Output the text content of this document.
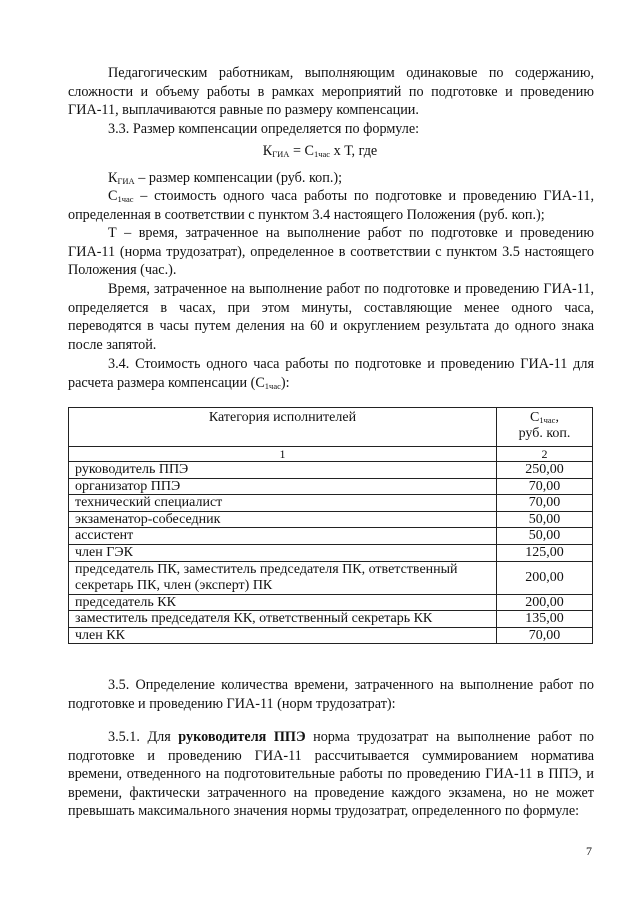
Педагогическим работникам, выполняющим одинаковые по содержанию, сложности и объему работы в рамках мероприятий по подготовке и проведению ГИА-11, выплачиваются равные по размеру компенсации.

3.3. Размер компенсации определяется по формуле:

$К_{ГИА} = С_{1час}$ х Т, где

$К_{ГИА}$ – размер компенсации (руб. коп.);

$С_{1час}$ – стоимость одного часа работы по подготовке и проведению ГИА-11, определенная в соответствии с пунктом 3.4 настоящего Положения (руб. коп.);

Т – время, затраченное на выполнение работ по подготовке и проведению ГИА-11 (норма трудозатрат), определенное в соответствии с пунктом 3.5 настоящего Положения (час.).

Время, затраченное на выполнение работ по подготовке и проведению ГИА-11, определяется в часах, при этом минуты, составляющие менее одного часа, переводятся в часы путем деления на 60 и округлением результата до одного знака после запятой.

3.4. Стоимость одного часа работы по подготовке и проведению ГИА-11 для расчета размера компенсации $(С_{1час})$:

Категория исполнителей	$С_{1час}$,
руб. коп.
1	2
руководитель ППЭ	250,00
организатор ППЭ	70,00
технический специалист	70,00
экзаменатор-собеседник	50,00
ассистент	50,00
член ГЭК	125,00
председатель ПК, заместитель председателя ПК, ответственный секретарь ПК, член (эксперт) ПК	200,00
председатель КК	200,00
заместитель председателя КК, ответственный секретарь КК	135,00
член КК	70,00

3.5. Определение количества времени, затраченного на выполнение работ по подготовке и проведению ГИА-11 (норм трудозатрат):

3.5.1. Для руководителя ППЭ норма трудозатрат на выполнение работ по подготовке и проведению ГИА-11 рассчитывается суммированием норматива времени, отведенного на подготовительные работы по проведению ГИА-11 в ППЭ, и времени, фактически затраченного на проведение каждого экзамена, но не может превышать максимального значения нормы трудозатрат, определенного по формуле:

7
